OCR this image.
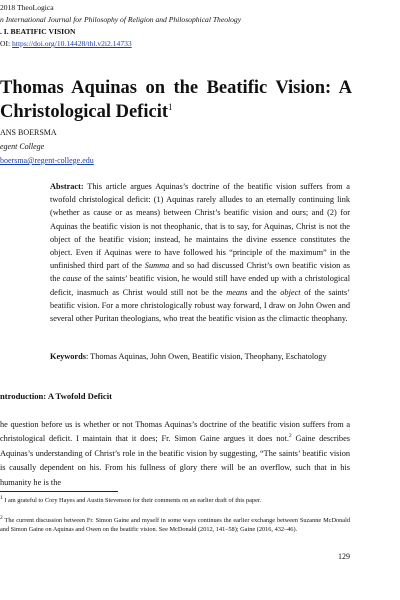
2018 TheoLogica
n International Journal for Philosophy of Religion and Philosophical Theology
. I. BEATIFIC VISION
OI: https://doi.org/10.14428/thl.v2i2.14733
Thomas Aquinas on the Beatific Vision: A Christological Deficit$^1$
ANS BOERSMA
egent College
boersma@regent-college.edu

Abstract: This article argues Aquinas’s doctrine of the beatific vision suffers from a twofold christological deficit: (1) Aquinas rarely alludes to an eternally continuing link (whether as cause or as means) between Christ’s beatific vision and ours; and (2) for Aquinas the beatific vision is not theophanic, that is to say, for Aquinas, Christ is not the object of the beatific vision; instead, he maintains the divine essence constitutes the object. Even if Aquinas were to have followed his “principle of the maximum” in the unfinished third part of the Summa and so had discussed Christ’s own beatific vision as the cause of the saints’ beatific vision, he would still have ended up with a christological deficit, inasmuch as Christ would still not be the means and the object of the saints’ beatific vision. For a more christologically robust way forward, I draw on John Owen and several other Puritan theologians, who treat the beatific vision as the climactic theophany.

Keywords: Thomas Aquinas, John Owen, Beatific vision, Theophany, Eschatology

ntroduction: A Twofold Deficit

he question before us is whether or not Thomas Aquinas’s doctrine of the beatific vision suffers from a christological deficit. I maintain that it does; Fr. Simon Gaine argues it does not.$^2$ Gaine describes Aquinas’s understanding of Christ’s role in the beatific vision by suggesting, “The saints’ beatific vision is causally dependent on his. From his fullness of glory there will be an overflow, such that in his humanity he is the

$^1$ I am grateful to Cory Hayes and Austin Stevenson for their comments on an earlier draft of this paper.

$^2$ The current discussion between Fr. Simon Gaine and myself in some ways continues the earlier exchange between Suzanne McDonald and Simon Gaine on Aquinas and Owen on the beatific vision. See McDonald (2012, 141–58); Gaine (2016, 432–46).

129
